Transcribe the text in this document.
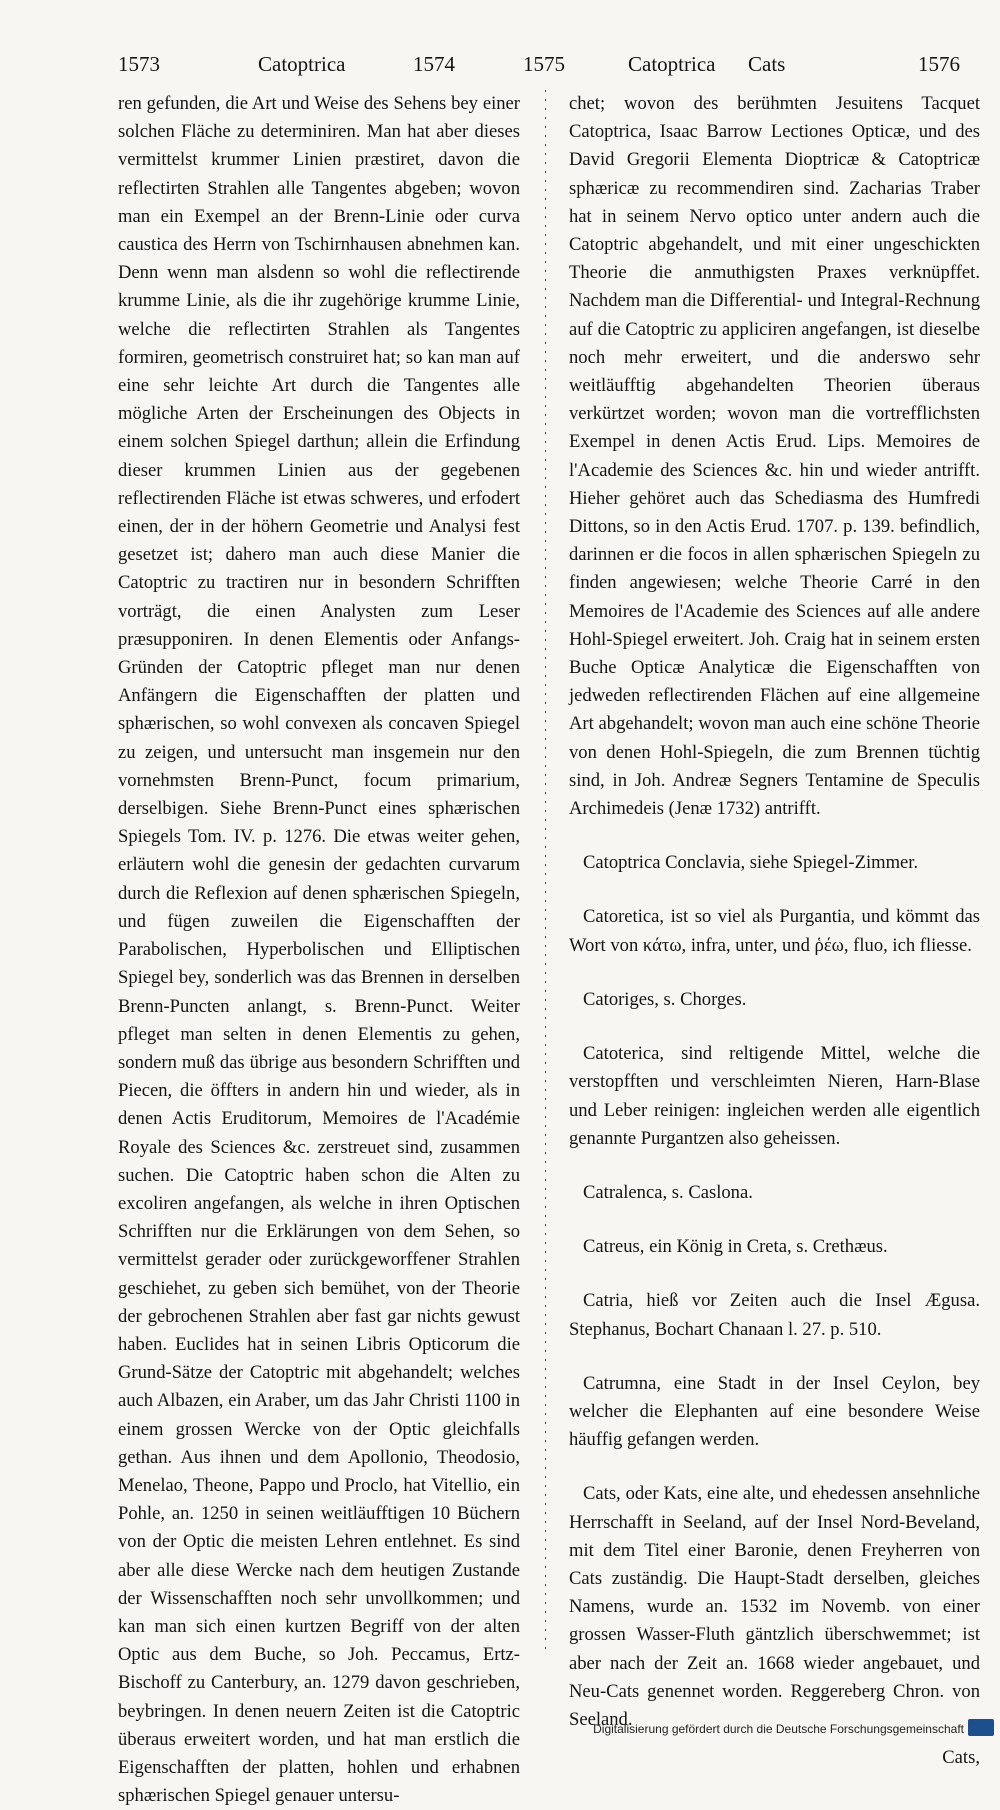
1573	Catoptrica	1574	1575	Catoptrica Cats	1576

ren gefunden, die Art und Weise des Sehens bey einer solchen Fläche zu determiniren. Man hat aber dieses vermittelst krummer Linien præstiret, davon die reflectirten Strahlen alle Tangentes abgeben; wovon man ein Exempel an der Brenn-Linie oder curva caustica des Herrn von Tschirnhausen abnehmen kan. Denn wenn man alsdenn so wohl die reflectirende krumme Linie, als die ihr zugehörige krumme Linie, welche die reflectirten Strahlen als Tangentes formiren, geometrisch construiret hat; so kan man auf eine sehr leichte Art durch die Tangentes alle mögliche Arten der Erscheinungen des Objects in einem solchen Spiegel darthun; allein die Erfindung dieser krummen Linien aus der gegebenen reflectirenden Fläche ist etwas schweres, und erfodert einen, der in der höhern Geometrie und Analysi fest gesetzet ist; dahero man auch diese Manier die Catoptric zu tractiren nur in besondern Schrifften vorträgt, die einen Analysten zum Leser præsupponiren. In denen Elementis oder Anfangs-Gründen der Catoptric pfleget man nur denen Anfängern die Eigenschafften der platten und sphærischen, so wohl convexen als concaven Spiegel zu zeigen, und untersucht man insgemein nur den vornehmsten Brenn-Punct, focum primarium, derselbigen. Siehe Brenn-Punct eines sphærischen Spiegels Tom. IV. p. 1276. Die etwas weiter gehen, erläutern wohl die genesin der gedachten curvarum durch die Reflexion auf denen sphærischen Spiegeln, und fügen zuweilen die Eigenschafften der Parabolischen, Hyperbolischen und Elliptischen Spiegel bey, sonderlich was das Brennen in derselben Brenn-Puncten anlangt, s. Brenn-Punct. Weiter pfleget man selten in denen Elementis zu gehen, sondern muß das übrige aus besondern Schrifften und Piecen, die öffters in andern hin und wieder, als in denen Actis Eruditorum, Memoires de l'Académie Royale des Sciences &c. zerstreuet sind, zusammen suchen. Die Catoptric haben schon die Alten zu excoliren angefangen, als welche in ihren Optischen Schrifften nur die Erklärungen von dem Sehen, so vermittelst gerader oder zurückgeworffener Strahlen geschiehet, zu geben sich bemühet, von der Theorie der gebrochenen Strahlen aber fast gar nichts gewust haben. Euclides hat in seinen Libris Opticorum die Grund-Sätze der Catoptric mit abgehandelt; welches auch Albazen, ein Araber, um das Jahr Christi 1100 in einem grossen Wercke von der Optic gleichfalls gethan. Aus ihnen und dem Apollonio, Theodosio, Menelao, Theone, Pappo und Proclo, hat Vitellio, ein Pohle, an. 1250 in seinen weitläufftigen 10 Büchern von der Optic die meisten Lehren entlehnet. Es sind aber alle diese Wercke nach dem heutigen Zustande der Wissenschafften noch sehr unvollkommen; und kan man sich einen kurtzen Begriff von der alten Optic aus dem Buche, so Joh. Peccamus, Ertz-Bischoff zu Canterbury, an. 1279 davon geschrieben, beybringen. In denen neuern Zeiten ist die Catoptric überaus erweitert worden, und hat man erstlich die Eigenschafften der platten, hohlen und erhabnen sphærischen Spiegel genauer untersu-

chet; wovon des berühmten Jesuitens Tacquet Catoptrica, Isaac Barrow Lectiones Opticæ, und des David Gregorii Elementa Dioptricæ & Catoptricæ sphæricæ zu recommendiren sind. Zacharias Traber hat in seinem Nervo optico unter andern auch die Catoptric abgehandelt, und mit einer ungeschickten Theorie die anmuthigsten Praxes verknüpffet. Nachdem man die Differential- und Integral-Rechnung auf die Catoptric zu appliciren angefangen, ist dieselbe noch mehr erweitert, und die anderswo sehr weitläufftig abgehandelten Theorien überaus verkürtzet worden; wovon man die vortrefflichsten Exempel in denen Actis Erud. Lips. Memoires de l'Academie des Sciences &c. hin und wieder antrifft. Hieher gehöret auch das Schediasma des Humfredi Dittons, so in den Actis Erud. 1707. p. 139. befindlich, darinnen er die focos in allen sphærischen Spiegeln zu finden angewiesen; welche Theorie Carré in den Memoires de l'Academie des Sciences auf alle andere Hohl-Spiegel erweitert. Joh. Craig hat in seinem ersten Buche Opticæ Analyticæ die Eigenschafften von jedweden reflectirenden Flächen auf eine allgemeine Art abgehandelt; wovon man auch eine schöne Theorie von denen Hohl-Spiegeln, die zum Brennen tüchtig sind, in Joh. Andreæ Segners Tentamine de Speculis Archimedeis (Jenæ 1732) antrifft.

Catoptrica Conclavia, siehe Spiegel-Zimmer.

Catoretica, ist so viel als Purgantia, und kömmt das Wort von κάτω, infra, unter, und ῥέω, fluo, ich fliesse.

Catoriges, s. Chorges.

Catoterica, sind reltigende Mittel, welche die verstopfften und verschleimten Nieren, Harn-Blase und Leber reinigen: ingleichen werden alle eigentlich genannte Purgantzen also geheissen.

Catralenca, s. Caslona.

Catreus, ein König in Creta, s. Crethæus.

Catria, hieß vor Zeiten auch die Insel Ægusa. Stephanus, Bochart Chanaan l. 27. p. 510.

Catrumna, eine Stadt in der Insel Ceylon, bey welcher die Elephanten auf eine besondere Weise häuffig gefangen werden.

Cats, oder Kats, eine alte, und ehedessen ansehnliche Herrschafft in Seeland, auf der Insel Nord-Beveland, mit dem Titel einer Baronie, denen Freyherren von Cats zuständig. Die Haupt-Stadt derselben, gleiches Namens, wurde an. 1532 im Novemb. von einer grossen Wasser-Fluth gäntzlich überschwemmet; ist aber nach der Zeit an. 1668 wieder angebauet, und Neu-Cats genennet worden. Reggereberg Chron. von Seeland.

Cats,

Digitalisierung gefördert durch die Deutsche Forschungsgemeinschaft
